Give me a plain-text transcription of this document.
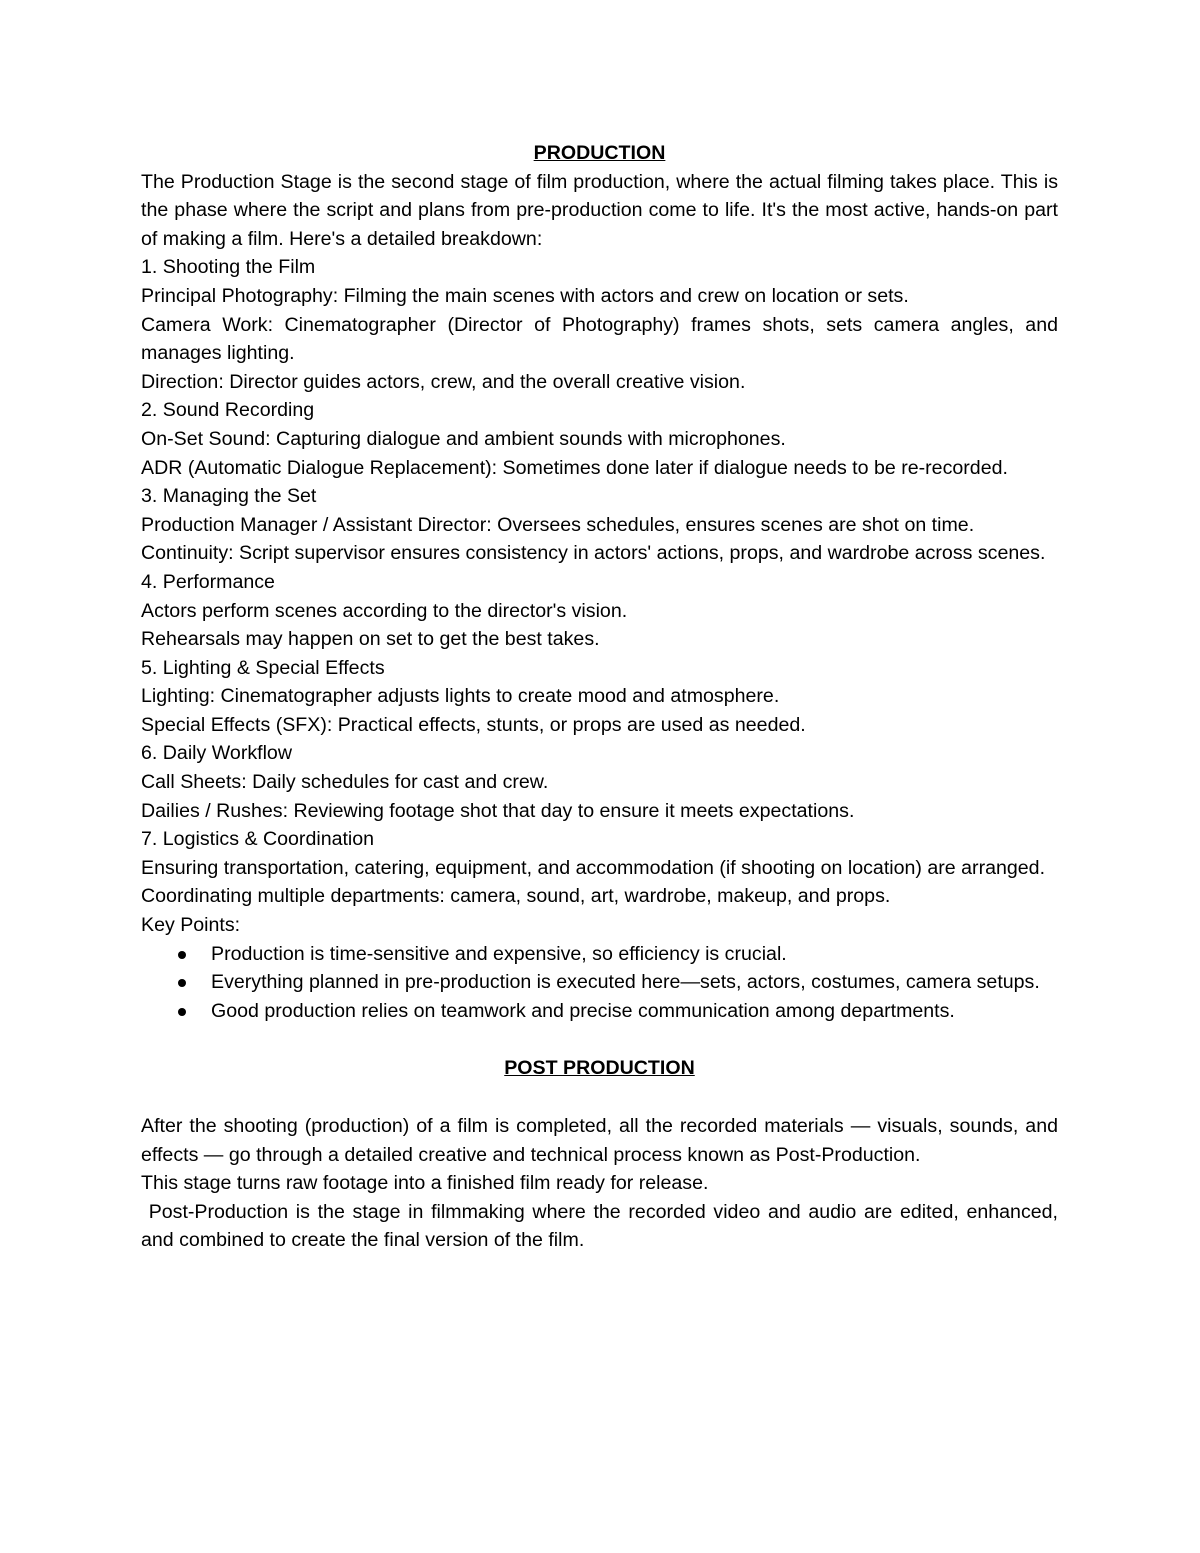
PRODUCTION

The Production Stage is the second stage of film production, where the actual filming takes place. This is the phase where the script and plans from pre-production come to life. It's the most active, hands-on part of making a film. Here's a detailed breakdown:

1. Shooting the Film

Principal Photography: Filming the main scenes with actors and crew on location or sets.

Camera Work: Cinematographer (Director of Photography) frames shots, sets camera angles, and manages lighting.

Direction: Director guides actors, crew, and the overall creative vision.

2. Sound Recording

On-Set Sound: Capturing dialogue and ambient sounds with microphones.

ADR (Automatic Dialogue Replacement): Sometimes done later if dialogue needs to be re-recorded.

3. Managing the Set

Production Manager / Assistant Director: Oversees schedules, ensures scenes are shot on time.

Continuity: Script supervisor ensures consistency in actors' actions, props, and wardrobe across scenes.

4. Performance

Actors perform scenes according to the director's vision.

Rehearsals may happen on set to get the best takes.

5. Lighting & Special Effects

Lighting: Cinematographer adjusts lights to create mood and atmosphere.

Special Effects (SFX): Practical effects, stunts, or props are used as needed.

6. Daily Workflow

Call Sheets: Daily schedules for cast and crew.

Dailies / Rushes: Reviewing footage shot that day to ensure it meets expectations.

7. Logistics & Coordination

Ensuring transportation, catering, equipment, and accommodation (if shooting on location) are arranged.

Coordinating multiple departments: camera, sound, art, wardrobe, makeup, and props.

Key Points:

Production is time-sensitive and expensive, so efficiency is crucial.
Everything planned in pre-production is executed here—sets, actors, costumes, camera setups.
Good production relies on teamwork and precise communication among departments.

POST PRODUCTION

After the shooting (production) of a film is completed, all the recorded materials — visuals, sounds, and effects — go through a detailed creative and technical process known as Post-Production.

This stage turns raw footage into a finished film ready for release.

Post-Production is the stage in filmmaking where the recorded video and audio are edited, enhanced, and combined to create the final version of the film.
